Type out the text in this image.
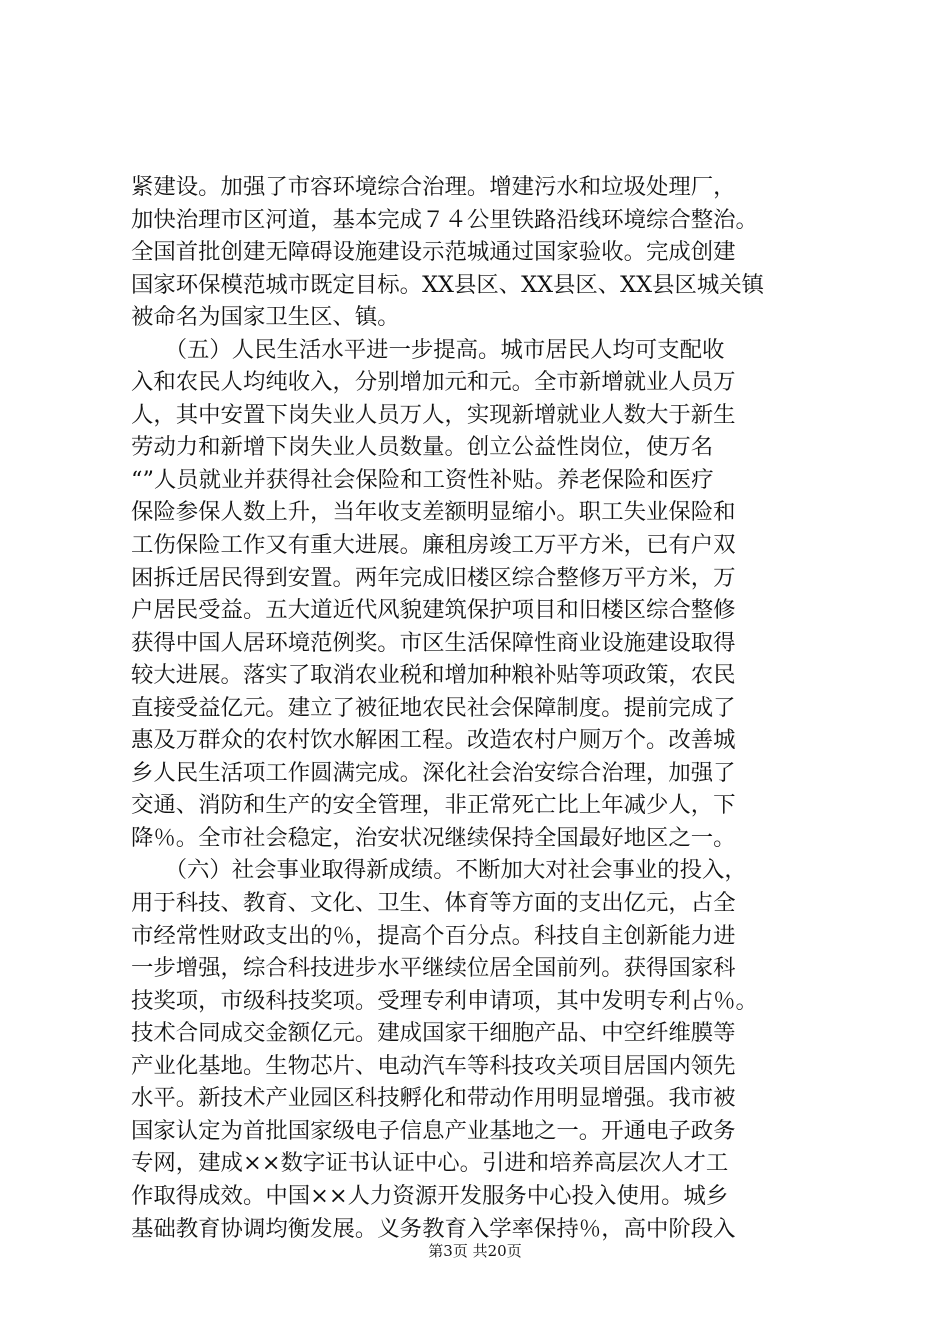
紧建设。加强了市容环境综合治理。增建污水和垃圾处理厂，
加快治理市区河道，基本完成７４公里铁路沿线环境综合整治。
全国首批创建无障碍设施建设示范城通过国家验收。完成创建
国家环保模范城市既定目标。XX县区、XX县区、XX县区城关镇
被命名为国家卫生区、镇。
　　（五）人民生活水平进一步提高。城市居民人均可支配收
入和农民人均纯收入，分别增加元和元。全市新增就业人员万
人，其中安置下岗失业人员万人，实现新增就业人数大于新生
劳动力和新增下岗失业人员数量。创立公益性岗位，使万名
“”人员就业并获得社会保险和工资性补贴。养老保险和医疗
保险参保人数上升，当年收支差额明显缩小。职工失业保险和
工伤保险工作又有重大进展。廉租房竣工万平方米，已有户双
困拆迁居民得到安置。两年完成旧楼区综合整修万平方米，万
户居民受益。五大道近代风貌建筑保护项目和旧楼区综合整修
获得中国人居环境范例奖。市区生活保障性商业设施建设取得
较大进展。落实了取消农业税和增加种粮补贴等项政策，农民
直接受益亿元。建立了被征地农民社会保障制度。提前完成了
惠及万群众的农村饮水解困工程。改造农村户厕万个。改善城
乡人民生活项工作圆满完成。深化社会治安综合治理，加强了
交通、消防和生产的安全管理，非正常死亡比上年减少人，下
降％。全市社会稳定，治安状况继续保持全国最好地区之一。
　　（六）社会事业取得新成绩。不断加大对社会事业的投入，
用于科技、教育、文化、卫生、体育等方面的支出亿元，占全
市经常性财政支出的％，提高个百分点。科技自主创新能力进
一步增强，综合科技进步水平继续位居全国前列。获得国家科
技奖项，市级科技奖项。受理专利申请项，其中发明专利占％。
技术合同成交金额亿元。建成国家干细胞产品、中空纤维膜等
产业化基地。生物芯片、电动汽车等科技攻关项目居国内领先
水平。新技术产业园区科技孵化和带动作用明显增强。我市被
国家认定为首批国家级电子信息产业基地之一。开通电子政务
专网，建成××数字证书认证中心。引进和培养高层次人才工
作取得成效。中国××人力资源开发服务中心投入使用。城乡
基础教育协调均衡发展。义务教育入学率保持％，高中阶段入
第3页 共20页
